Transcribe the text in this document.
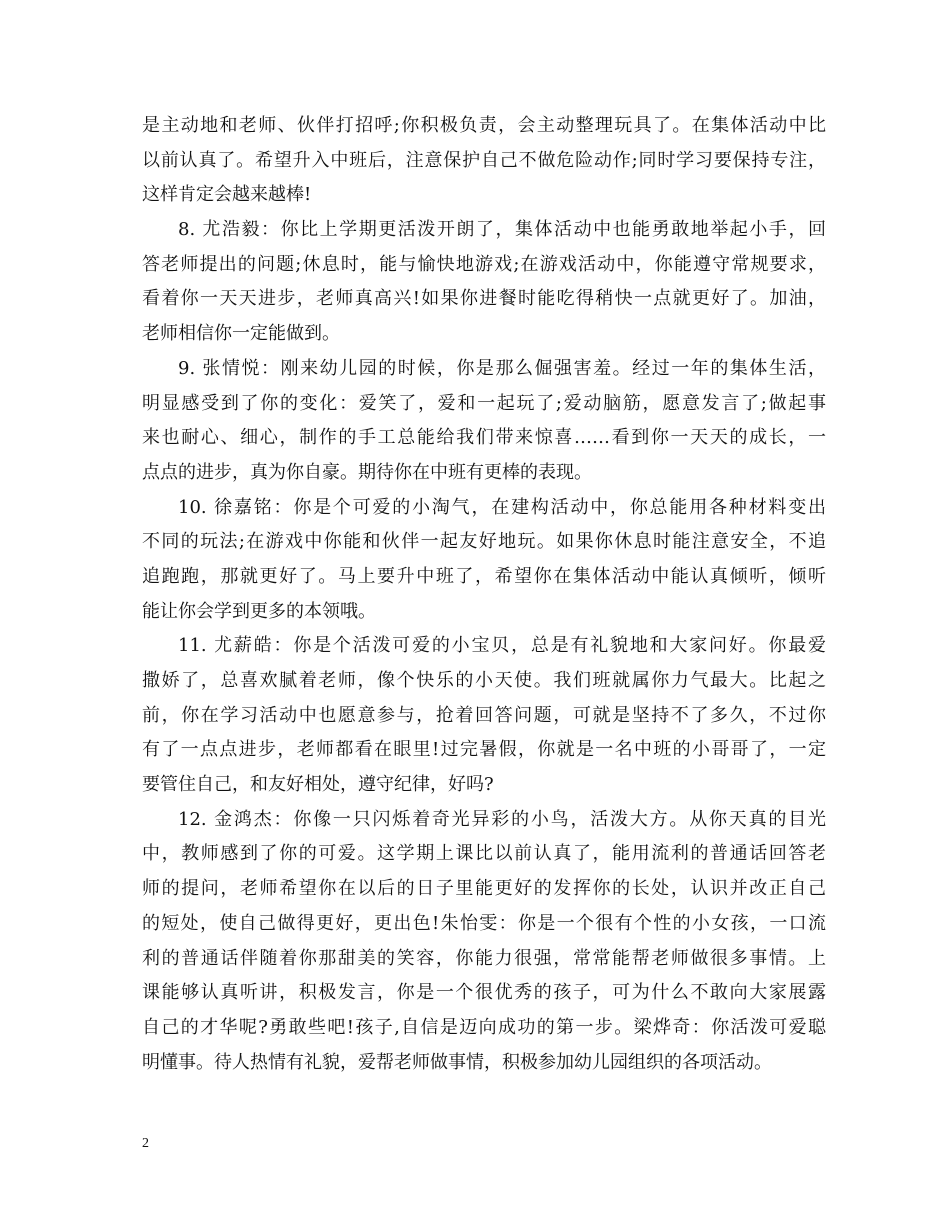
是主动地和老师、伙伴打招呼;你积极负责，会主动整理玩具了。在集体活动中比
以前认真了。希望升入中班后，注意保护自己不做危险动作;同时学习要保持专注，
这样肯定会越来越棒!
8. 尤浩毅：你比上学期更活泼开朗了，集体活动中也能勇敢地举起小手，回
答老师提出的问题;休息时，能与愉快地游戏;在游戏活动中，你能遵守常规要求，
看着你一天天进步，老师真高兴!如果你进餐时能吃得稍快一点就更好了。加油，
老师相信你一定能做到。
9. 张情悦：刚来幼儿园的时候，你是那么倔强害羞。经过一年的集体生活，
明显感受到了你的变化：爱笑了，爱和一起玩了;爱动脑筋，愿意发言了;做起事
来也耐心、细心，制作的手工总能给我们带来惊喜……看到你一天天的成长，一
点点的进步，真为你自豪。期待你在中班有更棒的表现。
10. 徐嘉铭：你是个可爱的小淘气，在建构活动中，你总能用各种材料变出
不同的玩法;在游戏中你能和伙伴一起友好地玩。如果你休息时能注意安全，不追
追跑跑，那就更好了。马上要升中班了，希望你在集体活动中能认真倾听，倾听
能让你会学到更多的本领哦。
11. 尤薪皓：你是个活泼可爱的小宝贝，总是有礼貌地和大家问好。你最爱
撒娇了，总喜欢腻着老师，像个快乐的小天使。我们班就属你力气最大。比起之
前，你在学习活动中也愿意参与，抢着回答问题，可就是坚持不了多久，不过你
有了一点点进步，老师都看在眼里!过完暑假，你就是一名中班的小哥哥了，一定
要管住自己，和友好相处，遵守纪律，好吗?
12. 金鸿杰：你像一只闪烁着奇光异彩的小鸟，活泼大方。从你天真的目光
中，教师感到了你的可爱。这学期上课比以前认真了，能用流利的普通话回答老
师的提问，老师希望你在以后的日子里能更好的发挥你的长处，认识并改正自己
的短处，使自己做得更好，更出色!朱怡雯：你是一个很有个性的小女孩，一口流
利的普通话伴随着你那甜美的笑容，你能力很强，常常能帮老师做很多事情。上
课能够认真听讲，积极发言，你是一个很优秀的孩子，可为什么不敢向大家展露
自己的才华呢?勇敢些吧!孩子,自信是迈向成功的第一步。梁烨奇：你活泼可爱聪
明懂事。待人热情有礼貌，爱帮老师做事情，积极参加幼儿园组织的各项活动。
2
